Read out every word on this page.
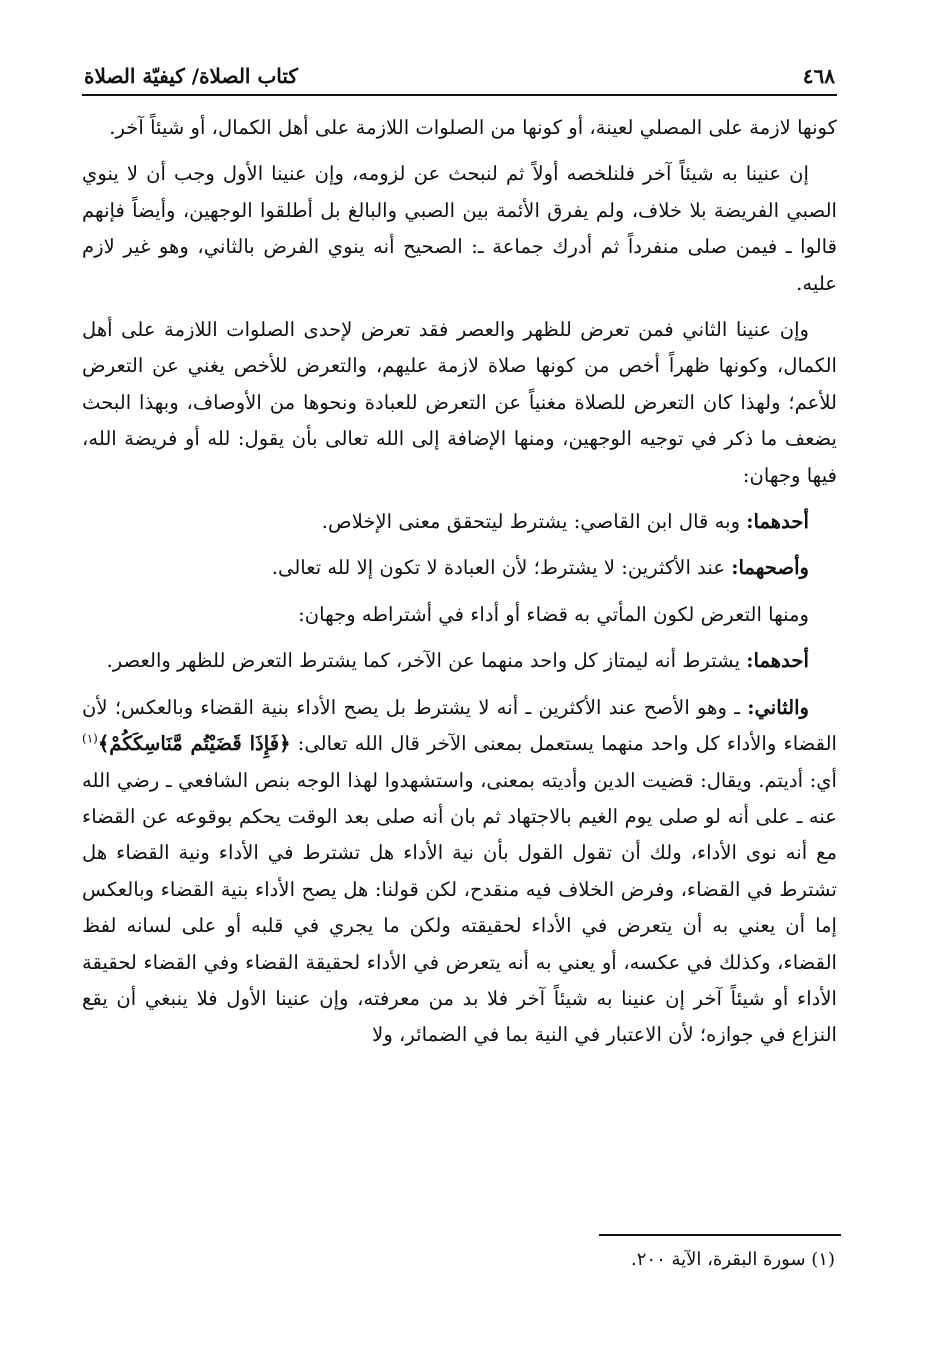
٤٦٨
كتاب الصلاة/ كيفيّة الصلاة

كونها لازمة على المصلي لعينة، أو كونها من الصلوات اللازمة على أهل الكمال، أو شيئاً آخر.

إن عنينا به شيئاً آخر فلنلخصه أولاً ثم لنبحث عن لزومه، وإن عنينا الأول وجب أن لا ينوي الصبي الفريضة بلا خلاف، ولم يفرق الأئمة بين الصبي والبالغ بل أطلقوا الوجهين، وأيضاً فإنهم قالوا ـ فيمن صلى منفرداً ثم أدرك جماعة ـ: الصحيح أنه ينوي الفرض بالثاني، وهو غير لازم عليه.

وإن عنينا الثاني فمن تعرض للظهر والعصر فقد تعرض لإحدى الصلوات اللازمة على أهل الكمال، وكونها ظهراً أخص من كونها صلاة لازمة عليهم، والتعرض للأخص يغني عن التعرض للأعم؛ ولهذا كان التعرض للصلاة مغنياً عن التعرض للعبادة ونحوها من الأوصاف، وبهذا البحث يضعف ما ذكر في توجيه الوجهين، ومنها الإضافة إلى الله تعالى بأن يقول: لله أو فريضة الله، فيها وجهان:

أحدهما: وبه قال ابن القاصي: يشترط ليتحقق معنى الإخلاص.

وأصحهما: عند الأكثرين: لا يشترط؛ لأن العبادة لا تكون إلا لله تعالى.

ومنها التعرض لكون المأتي به قضاء أو أداء في أشتراطه وجهان:

أحدهما: يشترط أنه ليمتاز كل واحد منهما عن الآخر، كما يشترط التعرض للظهر والعصر.

والثاني: ـ وهو الأصح عند الأكثرين ـ أنه لا يشترط بل يصح الأداء بنية القضاء وبالعكس؛ لأن القضاء والأداء كل واحد منهما يستعمل بمعنى الآخر قال الله تعالى: ﴿فَإِذَا قَضَيْتُم مَّنَاسِكَكُمْ﴾$^{(١)}$ أي: أديتم. ويقال: قضيت الدين وأديته بمعنى، واستشهدوا لهذا الوجه بنص الشافعي ـ رضي الله عنه ـ على أنه لو صلى يوم الغيم بالاجتهاد ثم بان أنه صلى بعد الوقت يحكم بوقوعه عن القضاء مع أنه نوى الأداء، ولك أن تقول القول بأن نية الأداء هل تشترط في الأداء ونية القضاء هل تشترط في القضاء، وفرض الخلاف فيه منقدح، لكن قولنا: هل يصح الأداء بنية القضاء وبالعكس إما أن يعني به أن يتعرض في الأداء لحقيقته ولكن ما يجري في قلبه أو على لسانه لفظ القضاء، وكذلك في عكسه، أو يعني به أنه يتعرض في الأداء لحقيقة القضاء وفي القضاء لحقيقة الأداء أو شيئاً آخر إن عنينا به شيئاً آخر فلا بد من معرفته، وإن عنينا الأول فلا ينبغي أن يقع النزاع في جوازه؛ لأن الاعتبار في النية بما في الضمائر، ولا

(١) سورة البقرة، الآية ٢٠٠.
